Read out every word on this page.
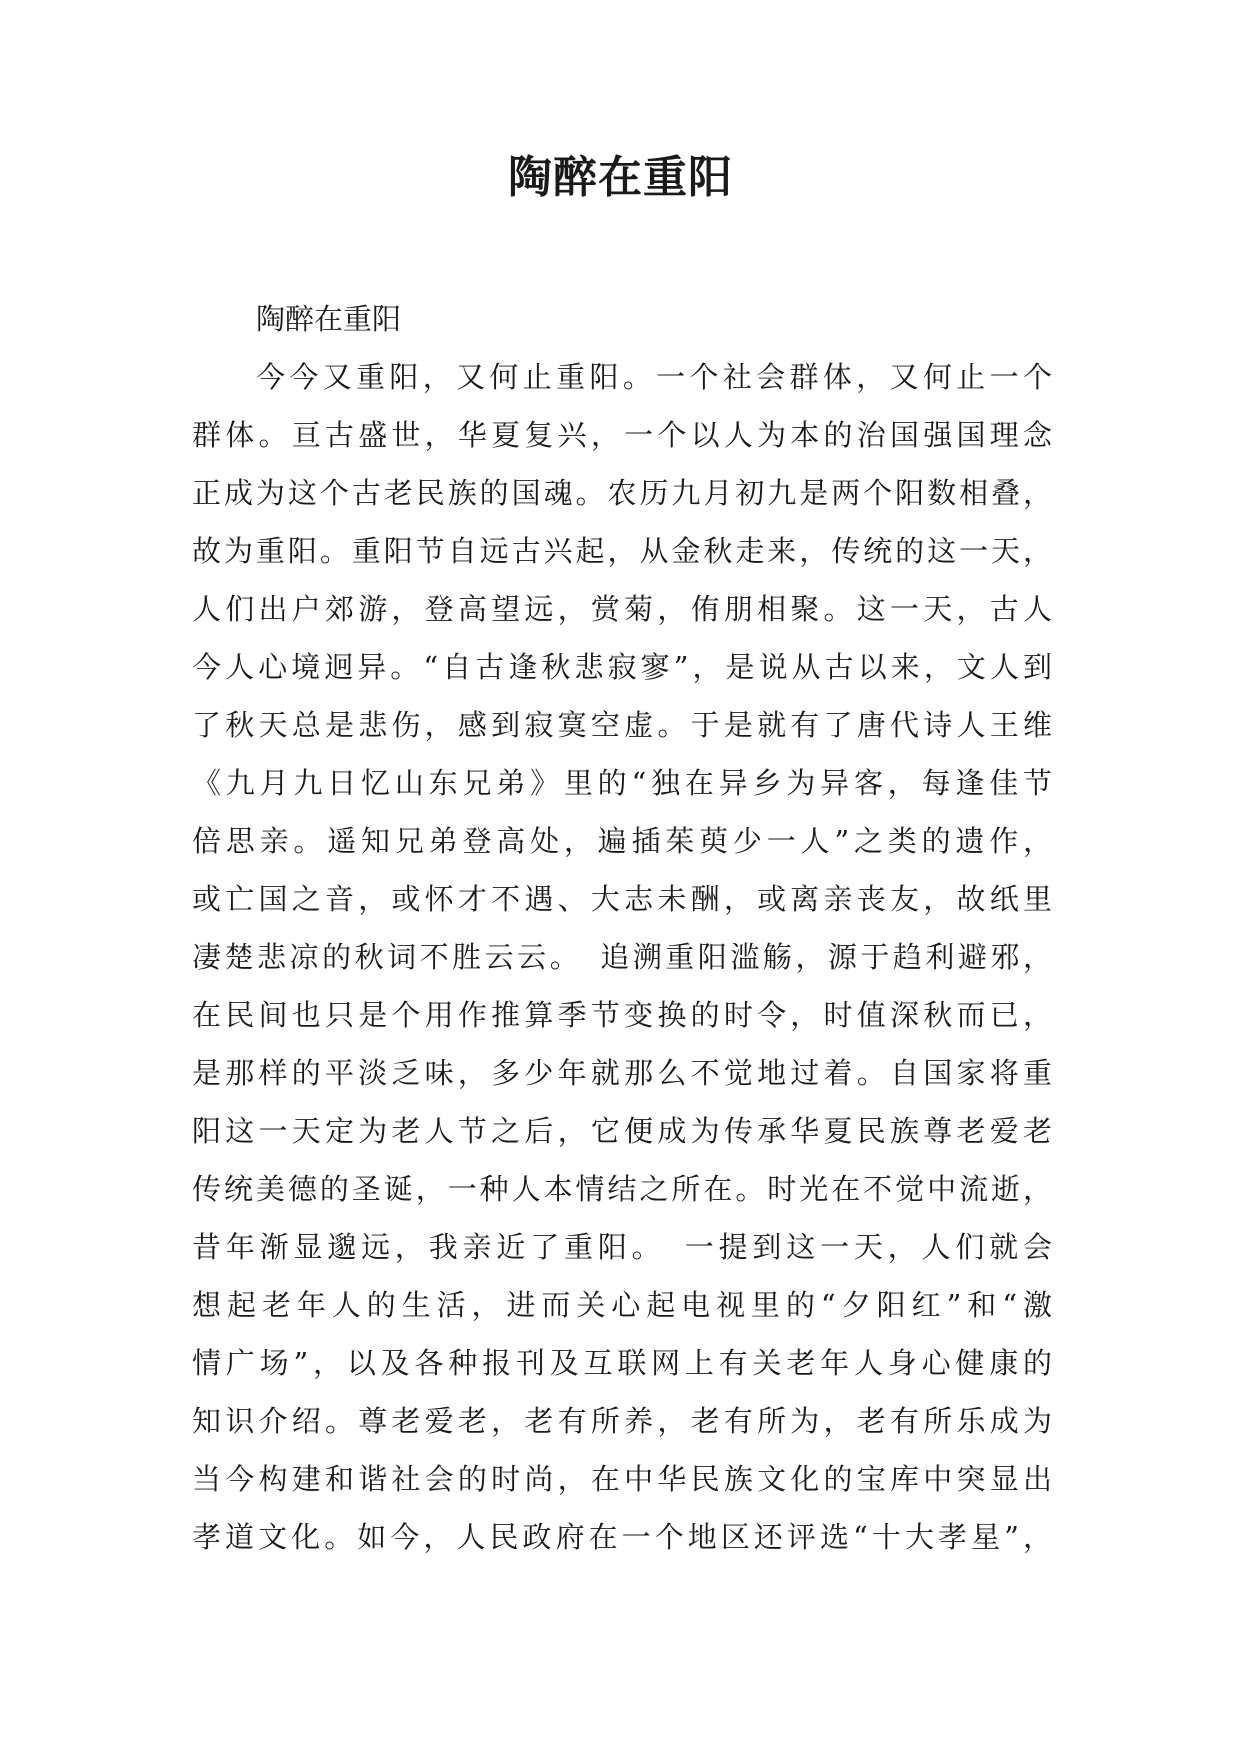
陶醉在重阳
陶醉在重阳
今今又重阳，又何止重阳。一个社会群体，又何止一个
群体。亘古盛世，华夏复兴，一个以人为本的治国强国理念
正成为这个古老民族的国魂。农历九月初九是两个阳数相叠，
故为重阳。重阳节自远古兴起，从金秋走来，传统的这一天，
人们出户郊游，登高望远，赏菊，侑朋相聚。这一天，古人
今人心境迥异。“自古逢秋悲寂寥”，是说从古以来，文人到
了秋天总是悲伤，感到寂寞空虚。于是就有了唐代诗人王维
《九月九日忆山东兄弟》里的“独在异乡为异客，每逢佳节
倍思亲。遥知兄弟登高处，遍插茱萸少一人”之类的遗作，
或亡国之音，或怀才不遇、大志未酬，或离亲丧友，故纸里
凄楚悲凉的秋词不胜云云。　追溯重阳滥觞，源于趋利避邪，
在民间也只是个用作推算季节变换的时令，时值深秋而已，
是那样的平淡乏味，多少年就那么不觉地过着。自国家将重
阳这一天定为老人节之后，它便成为传承华夏民族尊老爱老
传统美德的圣诞，一种人本情结之所在。时光在不觉中流逝，
昔年渐显邈远，我亲近了重阳。　一提到这一天，人们就会
想起老年人的生活，进而关心起电视里的“夕阳红”和“激
情广场”，以及各种报刊及互联网上有关老年人身心健康的
知识介绍。尊老爱老，老有所养，老有所为，老有所乐成为
当今构建和谐社会的时尚，在中华民族文化的宝库中突显出
孝道文化。如今，人民政府在一个地区还评选“十大孝星”，
